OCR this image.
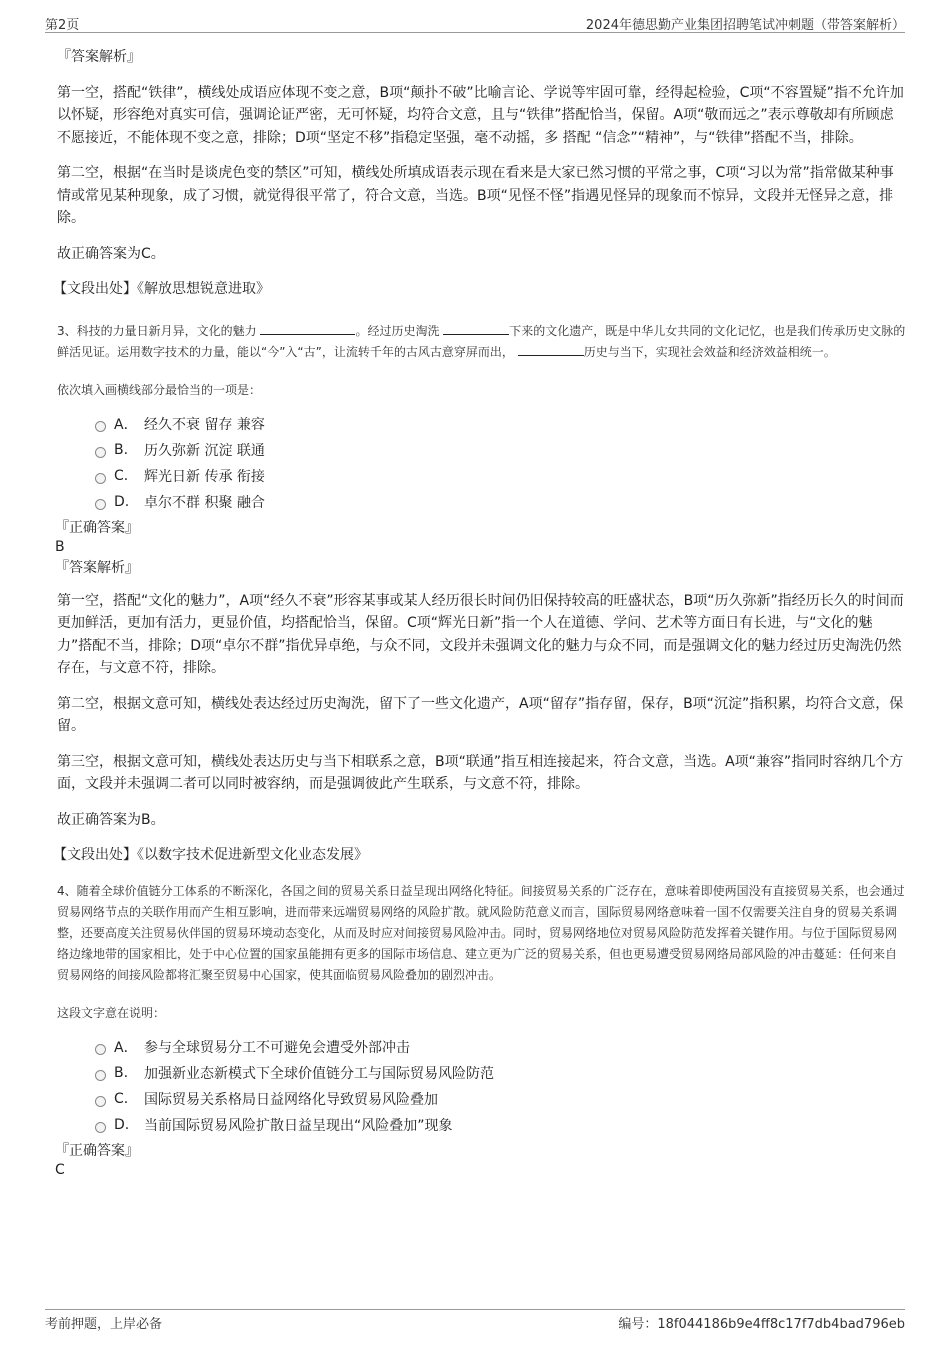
第2页	2024年德思勤产业集团招聘笔试冲刺题（带答案解析）

『答案解析』

第一空，搭配“铁律”，横线处成语应体现不变之意，B项“颠扑不破”比喻言论、学说等牢固可靠，经得起检验，C项“不容置疑”指不允许加以怀疑，形容绝对真实可信，强调论证严密，无可怀疑，均符合文意，且与“铁律”搭配恰当，保留。A项“敬而远之”表示尊敬却有所顾虑不愿接近，不能体现不变之意，排除；D项“坚定不移”指稳定坚强，毫不动摇，多 搭配 “信念”“精神”，与“铁律”搭配不当，排除。

第二空，根据“在当时是谈虎色变的禁区”可知，横线处所填成语表示现在看来是大家已然习惯的平常之事，C项“习以为常”指常做某种事情或常见某种现象，成了习惯，就觉得很平常了，符合文意，当选。B项“见怪不怪”指遇见怪异的现象而不惊异，文段并无怪异之意，排除。

故正确答案为C。

【文段出处】《解放思想锐意进取》

3、科技的力量日新月异，文化的魅力	。经过历史淘洗	下来的文化遗产，既是中华儿女共同的文化记忆，也是我们传承历史文脉的鲜活见证。运用数字技术的力量，能以“今”入“古”，让流转千年的古风古意穿屏而出，	历史与当下，实现社会效益和经济效益相统一。

依次填入画横线部分最恰当的一项是：

A． 经久不衰 留存 兼容
B.	历久弥新 沉淀 联通
C.	辉光日新 传承 衔接
D.	卓尔不群 积聚 融合

『正确答案』

B

『答案解析』

第一空，搭配“文化的魅力”，A项“经久不衰”形容某事或某人经历很长时间仍旧保持较高的旺盛状态，B项“历久弥新”指经历长久的时间而更加鲜活，更加有活力，更显价值，均搭配恰当，保留。C项“辉光日新”指一个人在道德、学问、艺术等方面日有长进，与“文化的魅力”搭配不当，排除；D项“卓尔不群”指优异卓绝，与众不同，文段并未强调文化的魅力与众不同，而是强调文化的魅力经过历史淘洗仍然存在，与文意不符，排除。

第二空，根据文意可知，横线处表达经过历史淘洗，留下了一些文化遗产，A项“留存”指存留，保存，B项“沉淀”指积累，均符合文意，保留。

第三空，根据文意可知，横线处表达历史与当下相联系之意，B项“联通”指互相连接起来，符合文意，当选。A项“兼容”指同时容纳几个方面，文段并未强调二者可以同时被容纳，而是强调彼此产生联系，与文意不符，排除。

故正确答案为B。

【文段出处】《以数字技术促进新型文化业态发展》

4、随着全球价值链分工体系的不断深化，各国之间的贸易关系日益呈现出网络化特征。间接贸易关系的广泛存在，意味着即使两国没有直接贸易关系，也会通过贸易网络节点的关联作用而产生相互影响，进而带来远端贸易网络的风险扩散。就风险防范意义而言，国际贸易网络意味着一国不仅需要关注自身的贸易关系调整，还要高度关注贸易伙伴国的贸易环境动态变化，从而及时应对间接贸易风险冲击。同时，贸易网络地位对贸易风险防范发挥着关键作用。与位于国际贸易网络边缘地带的国家相比，处于中心位置的国家虽能拥有更多的国际市场信息、建立更为广泛的贸易关系，但也更易遭受贸易网络局部风险的冲击蔓延：任何来自贸易网络的间接风险都将汇聚至贸易中心国家，使其面临贸易风险叠加的剧烈冲击。

这段文字意在说明：

A． 参与全球贸易分工不可避免会遭受外部冲击
B.	加强新业态新模式下全球价值链分工与国际贸易风险防范
C.	国际贸易关系格局日益网络化导致贸易风险叠加
D.	当前国际贸易风险扩散日益呈现出“风险叠加”现象

『正确答案』

C

考前押题，上岸必备	编号：18f044186b9e4ff8c17f7db4bad796eb
